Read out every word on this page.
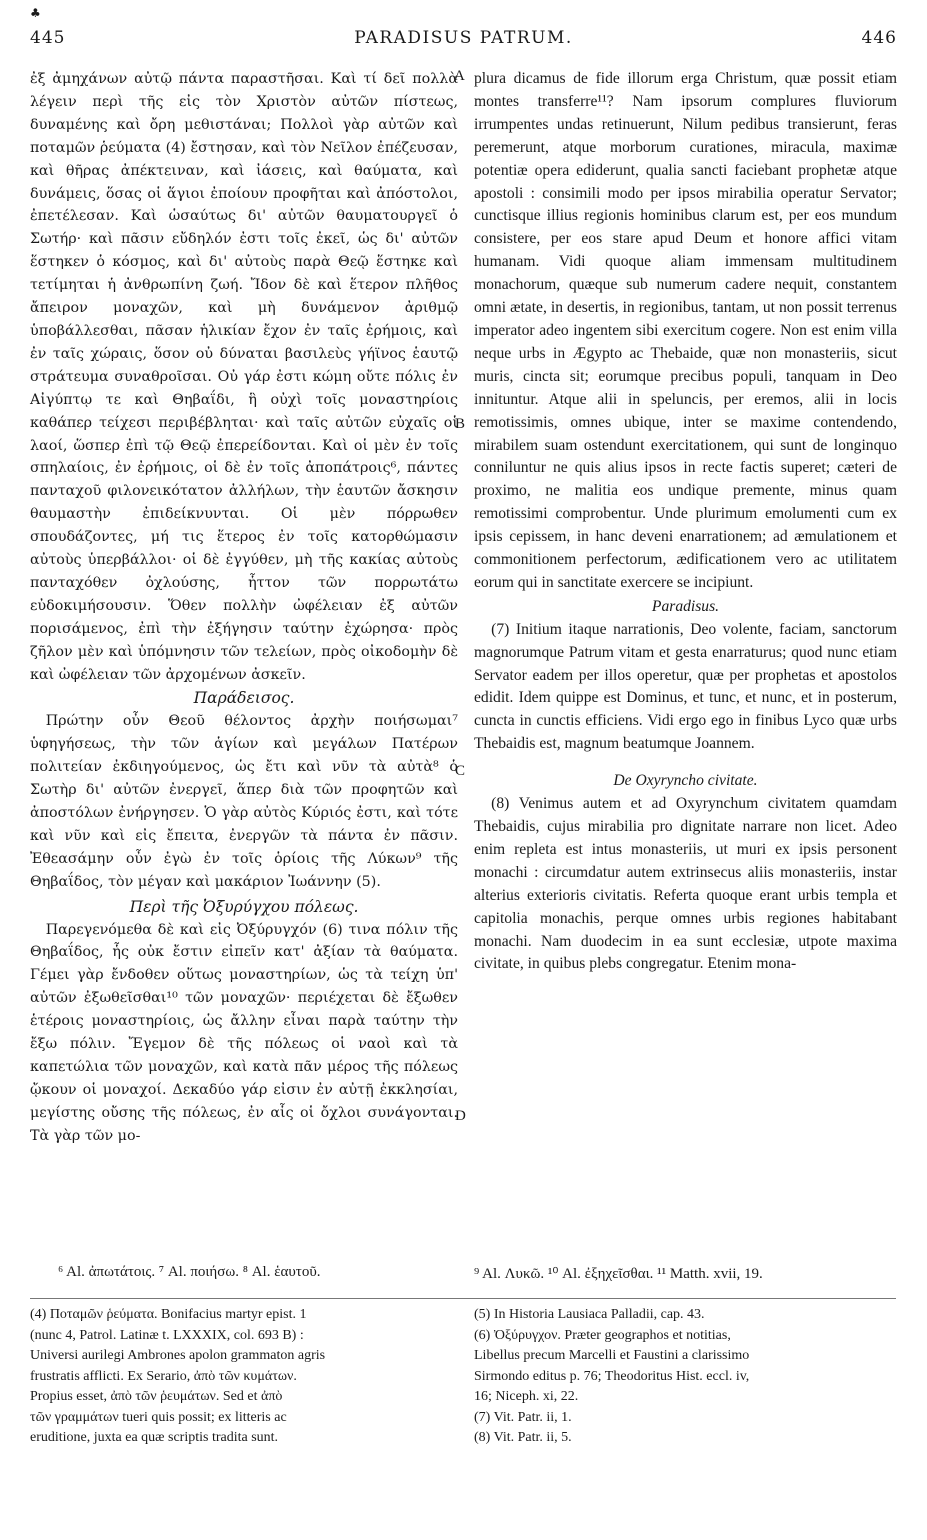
♣
445	PARADISUS PATRUM.	446

ἐξ ἀμηχάνων αὐτῷ πάντα παραστῆσαι. Καὶ τί δεῖ πολλὰ λέγειν περὶ τῆς εἰς τὸν Χριστὸν αὐτῶν πίστεως, δυναμένης καὶ ὄρη μεθιστάναι; Πολλοὶ γὰρ αὐτῶν καὶ ποταμῶν ῥεύματα (4) ἔστησαν, καὶ τὸν Νεῖλον ἐπέζευσαν, καὶ θῆρας ἀπέκτειναν, καὶ ἰάσεις, καὶ θαύματα, καὶ δυνάμεις, ὅσας οἱ ἅγιοι ἐποίουν προφῆται καὶ ἀπόστολοι, ἐπετέλεσαν. Καὶ ὡσαύτως δι' αὐτῶν θαυματουργεῖ ὁ Σωτήρ· καὶ πᾶσιν εὔδηλόν ἐστι τοῖς ἐκεῖ, ὡς δι' αὐτῶν ἕστηκεν ὁ κόσμος, καὶ δι' αὐτοὺς παρὰ Θεῷ ἕστηκε καὶ τετίμηται ἡ ἀνθρωπίνη ζωή. Ἴδον δὲ καὶ ἕτερον πλῆθος ἄπειρον μοναχῶν, καὶ μὴ δυνάμενον ἀριθμῷ ὑποβάλλεσθαι, πᾶσαν ἡλικίαν ἔχον ἐν ταῖς ἐρήμοις, καὶ ἐν ταῖς χώραις, ὅσον οὐ δύναται βασιλεὺς γήϊνος ἑαυτῷ στράτευμα συναθροῖσαι. Οὐ γάρ ἐστι κώμη οὔτε πόλις ἐν Αἰγύπτῳ τε καὶ Θηβαΐδι, ἣ οὐχὶ τοῖς μοναστηρίοις καθάπερ τείχεσι περιβέβληται· καὶ ταῖς αὐτῶν εὐχαῖς οἱ λαοί, ὥσπερ ἐπὶ τῷ Θεῷ ἐπερείδονται. Καὶ οἱ μὲν ἐν τοῖς σπηλαίοις, ἐν ἐρήμοις, οἱ δὲ ἐν τοῖς ἀποπάτροις⁶, πάντες πανταχοῦ φιλονεικότατον ἀλλήλων, τὴν ἑαυτῶν ἄσκησιν θαυμαστὴν ἐπιδείκνυνται. Οἱ μὲν πόρρωθεν σπουδάζοντες, μή τις ἕτερος ἐν τοῖς κατορθώμασιν αὐτοὺς ὑπερβάλλοι· οἱ δὲ ἐγγύθεν, μὴ τῆς κακίας αὐτοὺς πανταχόθεν ὀχλούσης, ἧττον τῶν πορρωτάτω εὐδοκιμήσουσιν. Ὅθεν πολλὴν ὠφέλειαν ἐξ αὐτῶν πορισάμενος, ἐπὶ τὴν ἐξήγησιν ταύτην ἐχώρησα· πρὸς ζῆλον μὲν καὶ ὑπόμνησιν τῶν τελείων, πρὸς οἰκοδομὴν δὲ καὶ ὠφέλειαν τῶν ἀρχομένων ἀσκεῖν.

Παράδεισος.

Πρώτην οὖν Θεοῦ θέλοντος ἀρχὴν ποιήσωμαι⁷ ὑφηγήσεως, τὴν τῶν ἁγίων καὶ μεγάλων Πατέρων πολιτείαν ἐκδιηγούμενος, ὡς ἔτι καὶ νῦν τὰ αὐτὰ⁸ ὁ Σωτὴρ δι' αὐτῶν ἐνεργεῖ, ἅπερ διὰ τῶν προφητῶν καὶ ἀποστόλων ἐνήργησεν. Ὁ γὰρ αὐτὸς Κύριός ἐστι, καὶ τότε καὶ νῦν καὶ εἰς ἔπειτα, ἐνεργῶν τὰ πάντα ἐν πᾶσιν. Ἐθεασάμην οὖν ἐγὼ ἐν τοῖς ὁρίοις τῆς Λύκων⁹ τῆς Θηβαΐδος, τὸν μέγαν καὶ μακάριον Ἰωάννην (5).

Περὶ τῆς Ὀξυρύγχου πόλεως.

Παρεγενόμεθα δὲ καὶ εἰς Ὀξύρυγχόν (6) τινα πόλιν τῆς Θηβαΐδος, ἧς οὐκ ἔστιν εἰπεῖν κατ' ἀξίαν τὰ θαύματα. Γέμει γὰρ ἔνδοθεν οὕτως μοναστηρίων, ὡς τὰ τείχη ὑπ' αὐτῶν ἐξωθεῖσθαι¹⁰ τῶν μοναχῶν· περιέχεται δὲ ἔξωθεν ἑτέροις μοναστηρίοις, ὡς ἄλλην εἶναι παρὰ ταύτην τὴν ἔξω πόλιν. Ἔγεμον δὲ τῆς πόλεως οἱ ναοὶ καὶ τὰ καπετώλια τῶν μοναχῶν, καὶ κατὰ πᾶν μέρος τῆς πόλεως ᾤκουν οἱ μοναχοί. Δεκαδύο γάρ εἰσιν ἐν αὐτῇ ἐκκλησίαι, μεγίστης οὔσης τῆς πόλεως, ἐν αἷς οἱ ὄχλοι συνάγονται. Τὰ γὰρ τῶν μο-

plura dicamus de fide illorum erga Christum, quæ possit etiam montes transferre¹¹? Nam ipsorum complures fluviorum irrumpentes undas retinuerunt, Nilum pedibus transierunt, feras peremerunt, atque morborum curationes, miracula, maximæ potentiæ opera ediderunt, qualia sancti faciebant prophetæ atque apostoli : consimili modo per ipsos mirabilia operatur Servator; cunctisque illius regionis hominibus clarum est, per eos mundum consistere, per eos stare apud Deum et honore affici vitam humanam. Vidi quoque aliam immensam multitudinem monachorum, quæque sub numerum cadere nequit, constantem omni ætate, in desertis, in regionibus, tantam, ut non possit terrenus imperator adeo ingentem sibi exercitum cogere. Non est enim villa neque urbs in Ægypto ac Thebaide, quæ non monasteriis, sicut muris, cincta sit; eorumque precibus populi, tanquam in Deo innituntur. Atque alii in speluncis, per eremos, alii in locis remotissimis, omnes ubique, inter se maxime contendendo, mirabilem suam ostendunt exercitationem, qui sunt de longinquo conniluntur ne quis alius ipsos in recte factis superet; cæteri de proximo, ne malitia eos undique premente, minus quam remotissimi comprobentur. Unde plurimum emolumenti cum ex ipsis cepissem, in hanc deveni enarrationem; ad æmulationem et commonitionem perfectorum, ædificationem vero ac utilitatem eorum qui in sanctitate exercere se incipiunt.

Paradisus.

(7) Initium itaque narrationis, Deo volente, faciam, sanctorum magnorumque Patrum vitam et gesta enarraturus; quod nunc etiam Servator eadem per illos operetur, quæ per prophetas et apostolos edidit. Idem quippe est Dominus, et tunc, et nunc, et in posterum, cuncta in cunctis efficiens. Vidi ergo ego in finibus Lyco quæ urbs Thebaidis est, magnum beatumque Joannem.

De Oxyryncho civitate.

(8) Venimus autem et ad Oxyrynchum civitatem quamdam Thebaidis, cujus mirabilia pro dignitate narrare non licet. Adeo enim repleta est intus monasteriis, ut muri ex ipsis personent monachi : circumdatur autem extrinsecus aliis monasteriis, instar alterius exterioris civitatis. Referta quoque erant urbis templa et capitolia monachis, perque omnes urbis regiones habitabant monachi. Nam duodecim in ea sunt ecclesiæ, utpote maxima civitate, in quibus plebs congregatur. Etenim mona-

A
B
C
D
⁶ Al. ἀπωτάτοις. ⁷ Al. ποιήσω. ⁸ Al. ἑαυτοῦ.	⁹ Al. Λυκῶ. ¹⁰ Al. ἐξηχεῖσθαι. ¹¹ Matth. xvii, 19.
(4) Ποταμῶν ῥεύματα. Bonifacius martyr epist. 1
(nunc 4, Patrol. Latinæ t. LXXXIX, col. 693 B) :
Universi aurilegi Ambrones apolon grammaton agris
frustratis afflicti. Ex Serario, ἀπὸ τῶν κυμάτων.
Propius esset, ἀπὸ τῶν ῥευμάτων. Sed et ἀπὸ
τῶν γραμμάτων tueri quis possit; ex litteris ac
eruditione, juxta ea quæ scriptis tradita sunt.
(5) In Historia Lausiaca Palladii, cap. 43.
(6) Ὀξύρυγχον. Præter geographos et notitias,
Libellus precum Marcelli et Faustini a clarissimo
Sirmondo editus p. 76; Theodoritus Hist. eccl. iv,
16; Niceph. xi, 22.
(7) Vit. Patr. ii, 1.
(8) Vit. Patr. ii, 5.
